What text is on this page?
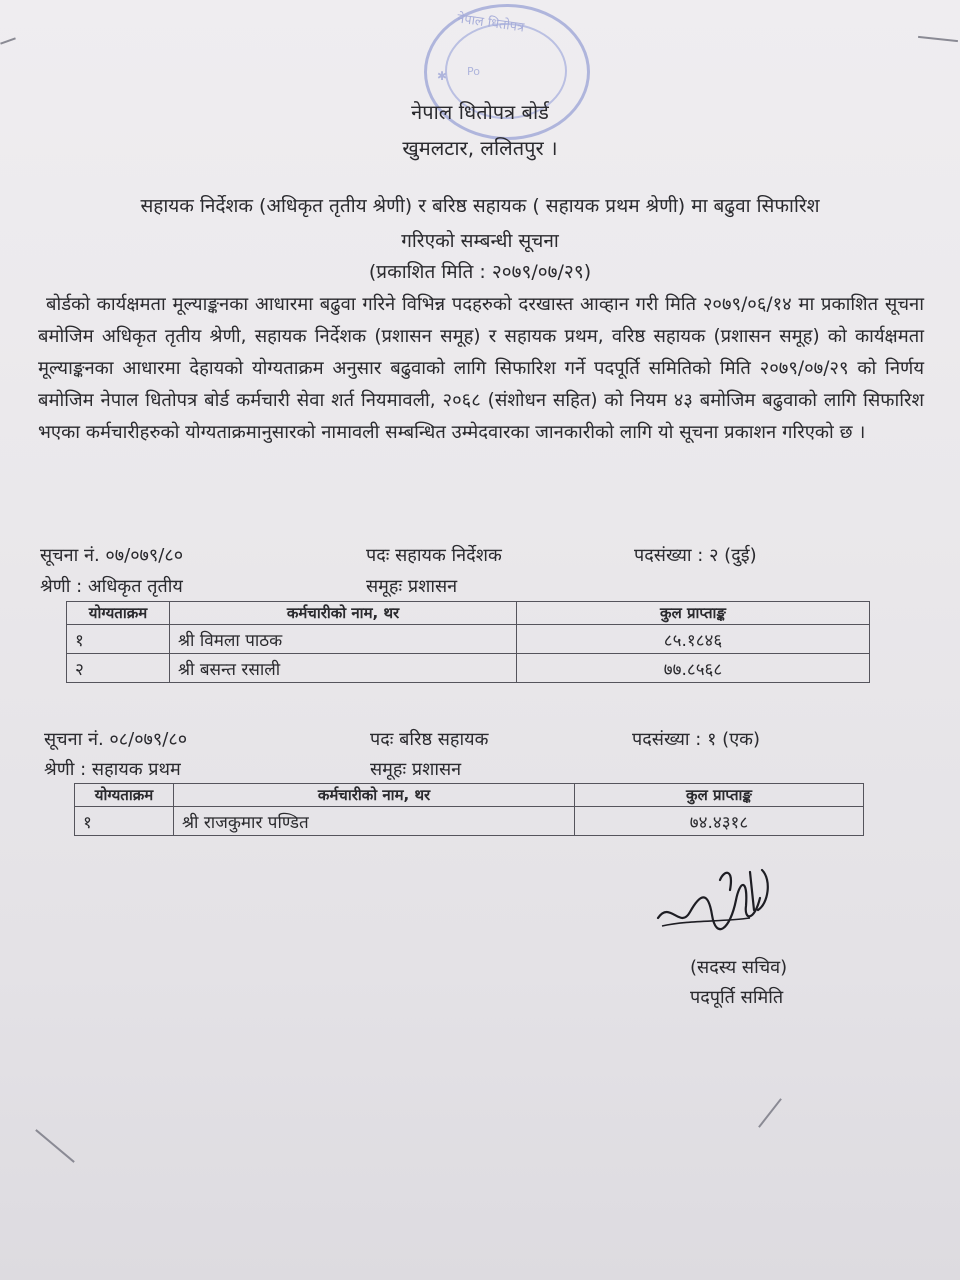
नेपाल धितोपत्र
Po
✱
नेपाल धितोपत्र बोर्ड
खुमलटार, ललितपुर ।
सहायक निर्देशक (अधिकृत तृतीय श्रेणी) र बरिष्ठ सहायक ( सहायक प्रथम श्रेणी) मा बढुवा सिफारिश
गरिएको सम्बन्धी सूचना
(प्रकाशित मिति : २०७९/०७/२९)
बोर्डको कार्यक्षमता मूल्याङ्कनका आधारमा बढुवा गरिने विभिन्न पदहरुको दरखास्त आव्हान गरी मिति २०७९/०६/१४ मा प्रकाशित सूचना बमोजिम अधिकृत तृतीय श्रेणी, सहायक निर्देशक (प्रशासन समूह) र सहायक प्रथम, वरिष्ठ सहायक (प्रशासन समूह) को कार्यक्षमता मूल्याङ्कनका आधारमा देहायको योग्यताक्रम अनुसार बढुवाको लागि सिफारिश गर्ने पदपूर्ति समितिको मिति २०७९/०७/२९ को निर्णय बमोजिम नेपाल धितोपत्र बोर्ड कर्मचारी सेवा शर्त नियमावली, २०६८ (संशोधन सहित) को नियम ४३ बमोजिम बढुवाको लागि सिफारिश भएका कर्मचारीहरुको योग्यताक्रमानुसारको नामावली सम्बन्धित उम्मेदवारका जानकारीको लागि यो सूचना प्रकाशन गरिएको छ ।
सूचना नं. ०७/०७९/८०	पदः सहायक निर्देशक	पदसंख्या : २ (दुई)
श्रेणी : अधिकृत तृतीय	समूहः प्रशासन
योग्यताक्रम	कर्मचारीको नाम, थर	कुल प्राप्ताङ्क
१	श्री विमला पाठक	८५.१८४६
२	श्री बसन्त रसाली	७७.८५६८
सूचना नं. ०८/०७९/८०	पदः बरिष्ठ सहायक	पदसंख्या : १ (एक)
श्रेणी : सहायक प्रथम	समूहः प्रशासन
योग्यताक्रम	कर्मचारीको नाम, थर	कुल प्राप्ताङ्क
१	श्री राजकुमार पण्डित	७४.४३१८
(सदस्य सचिव)
पदपूर्ति समिति
